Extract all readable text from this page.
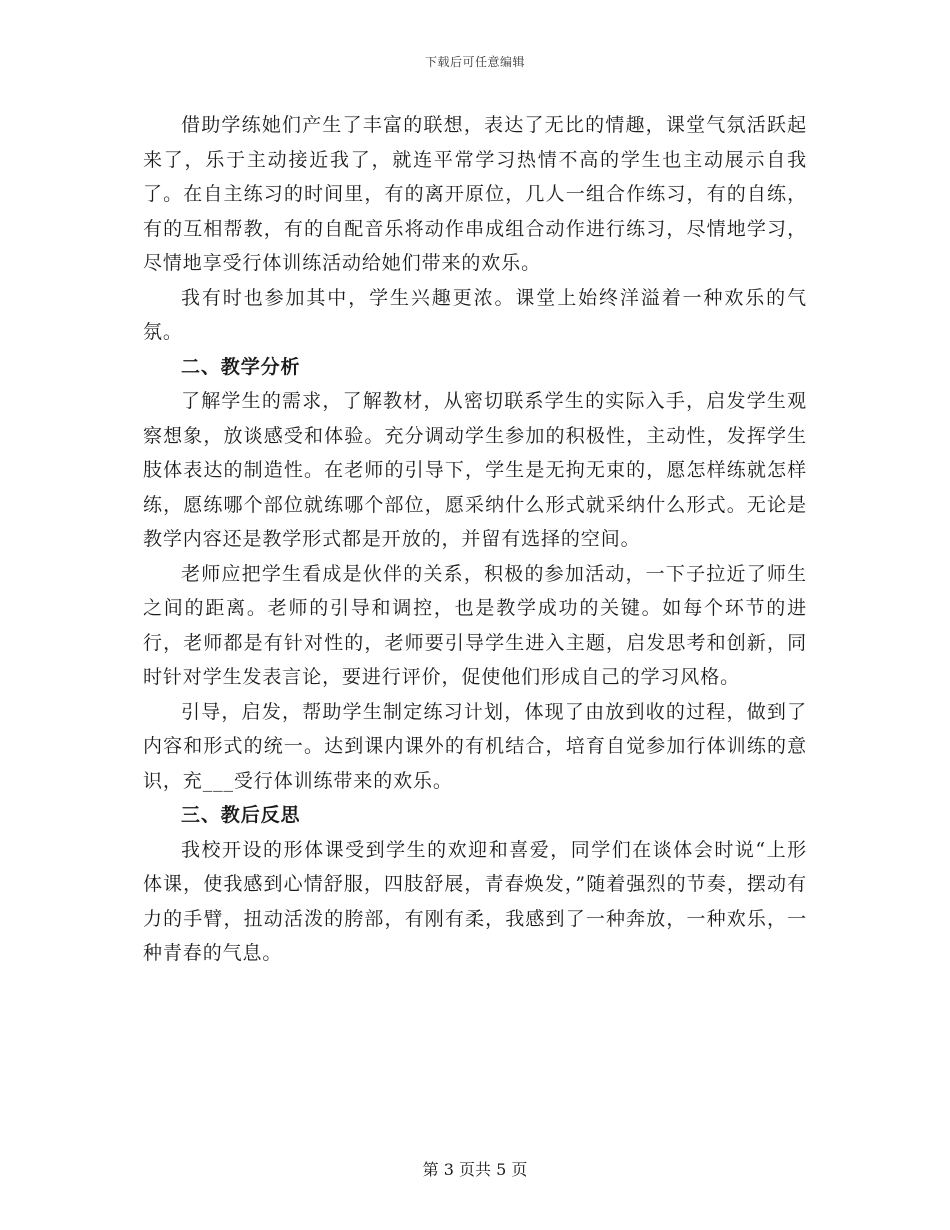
下载后可任意编辑

借助学练她们产生了丰富的联想，表达了无比的情趣，课堂气氛活跃起来了，乐于主动接近我了，就连平常学习热情不高的学生也主动展示自我了。在自主练习的时间里，有的离开原位，几人一组合作练习，有的自练，有的互相帮教，有的自配音乐将动作串成组合动作进行练习，尽情地学习，尽情地享受行体训练活动给她们带来的欢乐。

我有时也参加其中，学生兴趣更浓。课堂上始终洋溢着一种欢乐的气氛。

二、教学分析

了解学生的需求，了解教材，从密切联系学生的实际入手，启发学生观察想象，放谈感受和体验。充分调动学生参加的积极性，主动性，发挥学生肢体表达的制造性。在老师的引导下，学生是无拘无束的，愿怎样练就怎样练，愿练哪个部位就练哪个部位，愿采纳什么形式就采纳什么形式。无论是教学内容还是教学形式都是开放的，并留有选择的空间。

老师应把学生看成是伙伴的关系，积极的参加活动，一下子拉近了师生之间的距离。老师的引导和调控，也是教学成功的关键。如每个环节的进行，老师都是有针对性的，老师要引导学生进入主题，启发思考和创新，同时针对学生发表言论，要进行评价，促使他们形成自己的学习风格。

引导，启发，帮助学生制定练习计划，体现了由放到收的过程，做到了内容和形式的统一。达到课内课外的有机结合，培育自觉参加行体训练的意识，充___受行体训练带来的欢乐。

三、教后反思

我校开设的形体课受到学生的欢迎和喜爱，同学们在谈体会时说“上形体课，使我感到心情舒服，四肢舒展，青春焕发，”随着强烈的节奏，摆动有力的手臂，扭动活泼的胯部，有刚有柔，我感到了一种奔放，一种欢乐，一种青春的气息。

第 3 页共 5 页
